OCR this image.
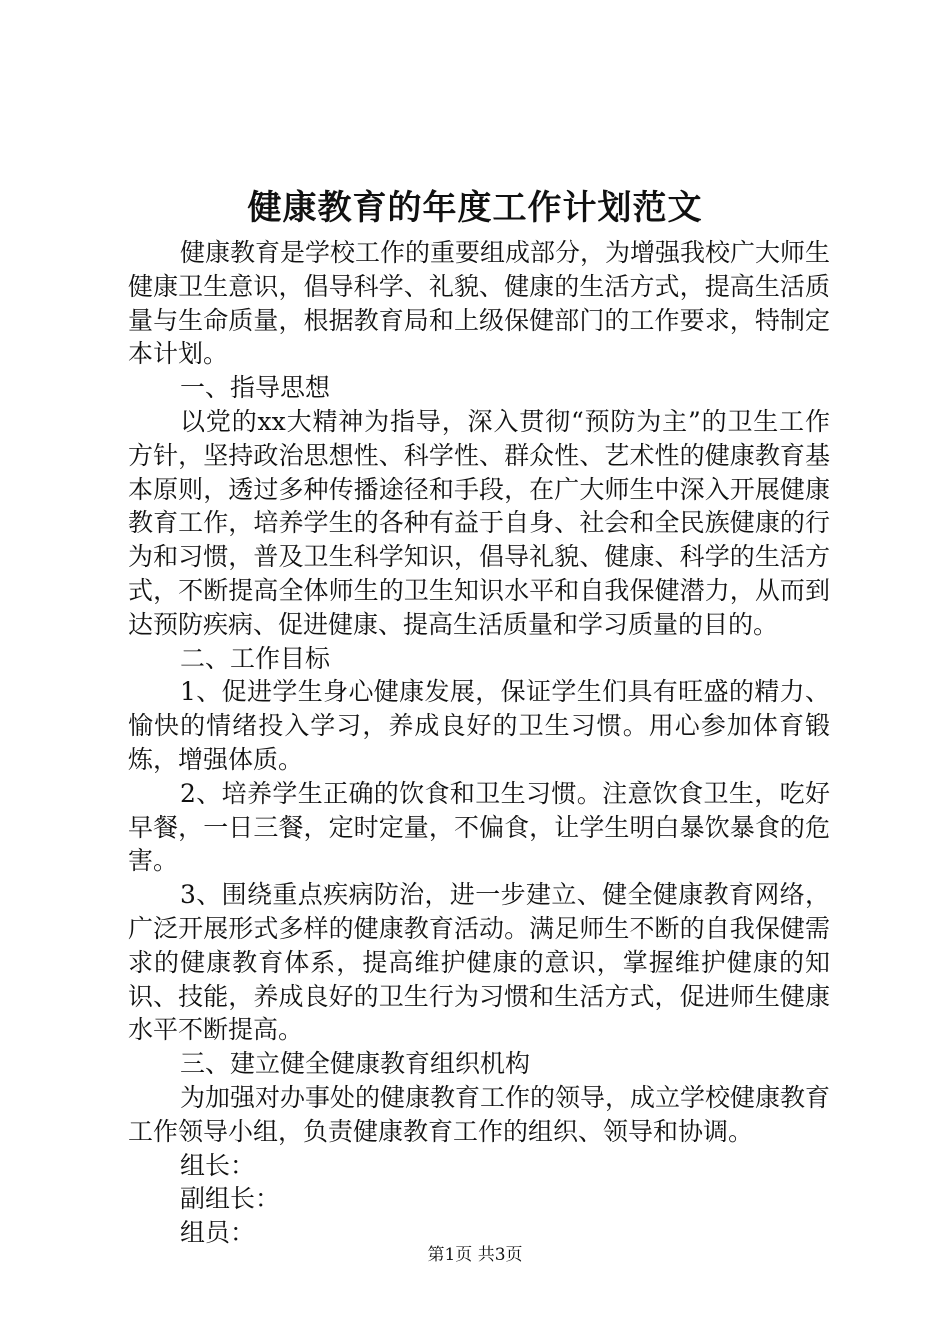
健康教育的年度工作计划范文

健康教育是学校工作的重要组成部分，为增强我校广大师生健康卫生意识，倡导科学、礼貌、健康的生活方式，提高生活质量与生命质量，根据教育局和上级保健部门的工作要求，特制定本计划。

一、指导思想

以党的xx大精神为指导，深入贯彻“预防为主”的卫生工作方针，坚持政治思想性、科学性、群众性、艺术性的健康教育基本原则，透过多种传播途径和手段，在广大师生中深入开展健康教育工作，培养学生的各种有益于自身、社会和全民族健康的行为和习惯，普及卫生科学知识，倡导礼貌、健康、科学的生活方式，不断提高全体师生的卫生知识水平和自我保健潜力，从而到达预防疾病、促进健康、提高生活质量和学习质量的目的。

二、工作目标

1、促进学生身心健康发展，保证学生们具有旺盛的精力、愉快的情绪投入学习，养成良好的卫生习惯。用心参加体育锻炼，增强体质。

2、培养学生正确的饮食和卫生习惯。注意饮食卫生，吃好早餐，一日三餐，定时定量，不偏食，让学生明白暴饮暴食的危害。

3、围绕重点疾病防治，进一步建立、健全健康教育网络，广泛开展形式多样的健康教育活动。满足师生不断的自我保健需求的健康教育体系，提高维护健康的意识，掌握维护健康的知识、技能，养成良好的卫生行为习惯和生活方式，促进师生健康水平不断提高。

三、建立健全健康教育组织机构

为加强对办事处的健康教育工作的领导，成立学校健康教育工作领导小组，负责健康教育工作的组织、领导和协调。

组长：

副组长：

组员：

第1页 共3页
